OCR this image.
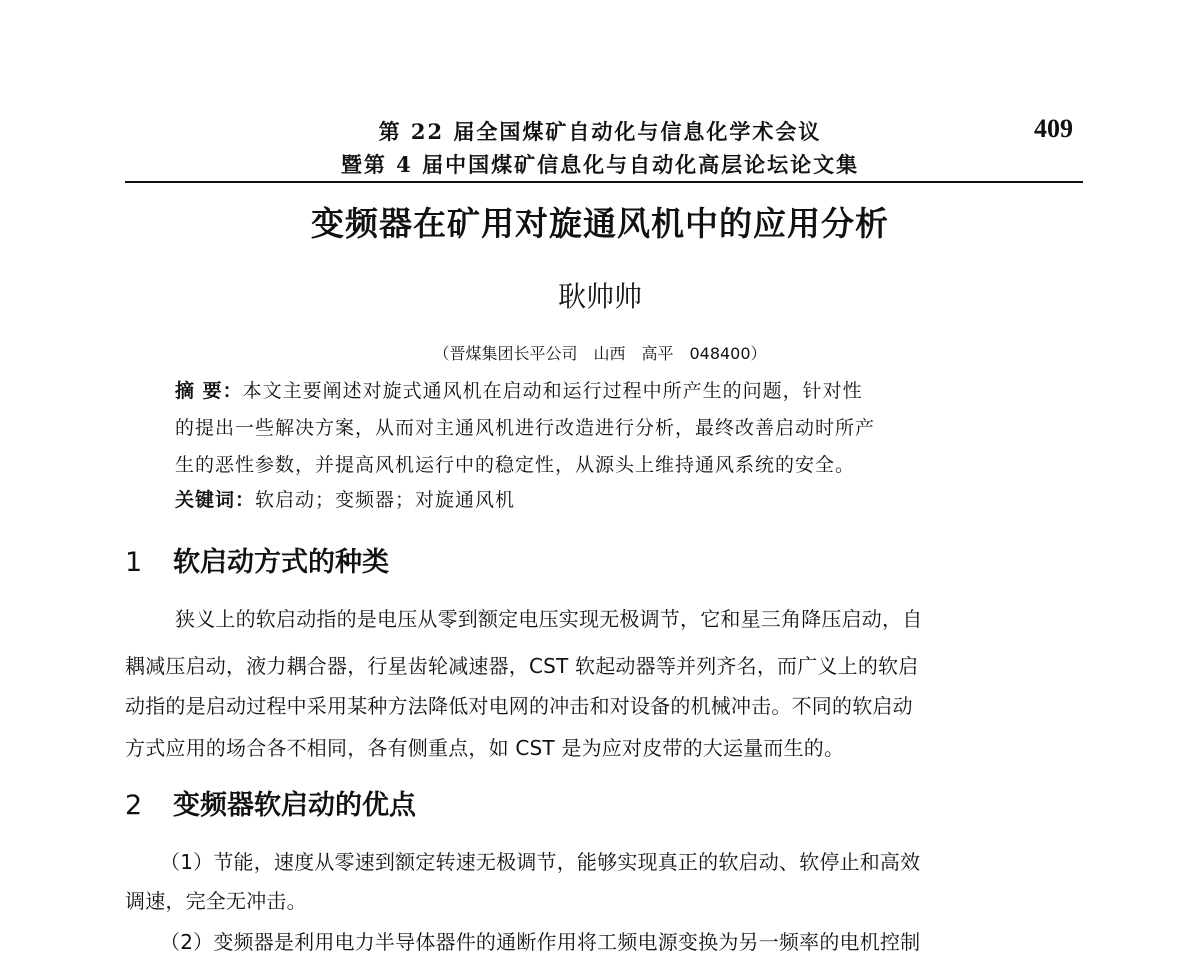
第 22 届全国煤矿自动化与信息化学术会议
暨第 4 届中国煤矿信息化与自动化高层论坛论文集
409
变频器在矿用对旋通风机中的应用分析
耿帅帅
（晋煤集团长平公司　山西　高平　048400）
摘 要：本文主要阐述对旋式通风机在启动和运行过程中所产生的问题，针对性
的提出一些解决方案，从而对主通风机进行改造进行分析，最终改善启动时所产
生的恶性参数，并提高风机运行中的稳定性，从源头上维持通风系统的安全。
关键词：软启动；变频器；对旋通风机
1 软启动方式的种类
狭义上的软启动指的是电压从零到额定电压实现无极调节，它和星三角降压启动，自
耦减压启动，液力耦合器，行星齿轮减速器，CST 软起动器等并列齐名，而广义上的软启
动指的是启动过程中采用某种方法降低对电网的冲击和对设备的机械冲击。不同的软启动
方式应用的场合各不相同，各有侧重点，如 CST 是为应对皮带的大运量而生的。
2 变频器软启动的优点
（1）节能，速度从零速到额定转速无极调节，能够实现真正的软启动、软停止和高效
调速，完全无冲击。
（2）变频器是利用电力半导体器件的通断作用将工频电源变换为另一频率的电机控制
